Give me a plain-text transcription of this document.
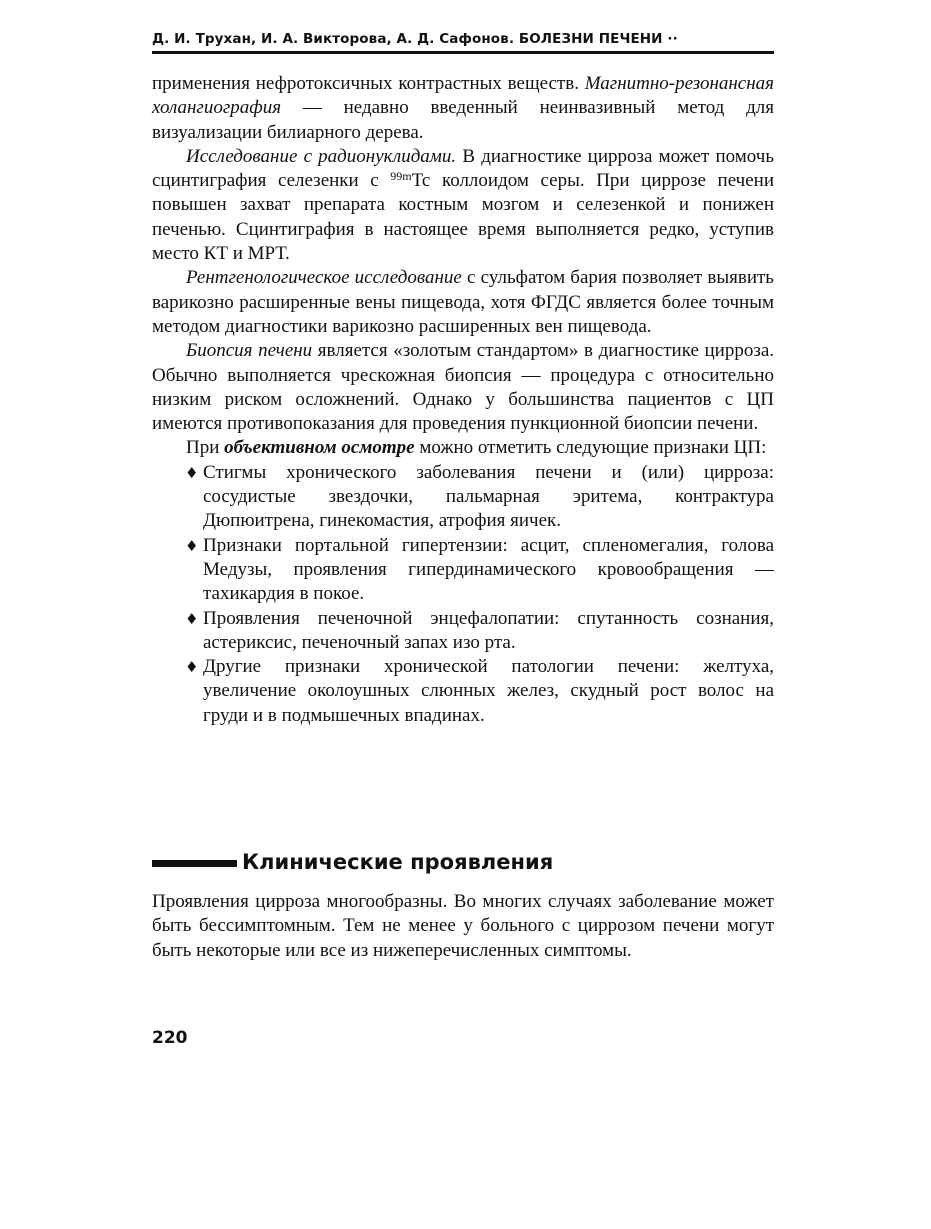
Д. И. Трухан, И. А. Викторова, А. Д. Сафонов. БОЛЕЗНИ ПЕЧЕНИ ··

применения нефротоксичных контрастных веществ. Магнитно-резонансная холангиография — недавно введенный неинвазивный метод для визуализации билиарного дерева.

Исследование с радионуклидами. В диагностике цирроза может помочь сцинтиграфия селезенки с $^{99m}$Tc коллоидом серы. При циррозе печени повышен захват препарата костным мозгом и селезенкой и понижен печенью. Сцинтиграфия в настоящее время выполняется редко, уступив место КТ и МРТ.

Рентгенологическое исследование с сульфатом бария позволяет выявить варикозно расширенные вены пищевода, хотя ФГДС является более точным методом диагностики варикозно расширенных вен пищевода.

Биопсия печени является «золотым стандартом» в диагностике цирроза. Обычно выполняется чрескожная биопсия — процедура с относительно низким риском осложнений. Однако у большинства пациентов с ЦП имеются противопоказания для проведения пункционной биопсии печени.

При объективном осмотре можно отметить следующие признаки ЦП:

♦ Стигмы хронического заболевания печени и (или) цирроза: сосудистые звездочки, пальмарная эритема, контрактура Дюпюитрена, гинекомастия, атрофия яичек.
♦ Признаки портальной гипертензии: асцит, спленомегалия, голова Медузы, проявления гипердинамического кровообращения — тахикардия в покое.
♦ Проявления печеночной энцефалопатии: спутанность сознания, астериксис, печеночный запах изо рта.
♦ Другие признаки хронической патологии печени: желтуха, увеличение околоушных слюнных желез, скудный рост волос на груди и в подмышечных впадинах.
Клинические проявления

Проявления цирроза многообразны. Во многих случаях заболевание может быть бессимптомным. Тем не менее у больного с циррозом печени могут быть некоторые или все из нижеперечисленных симптомы.

220
